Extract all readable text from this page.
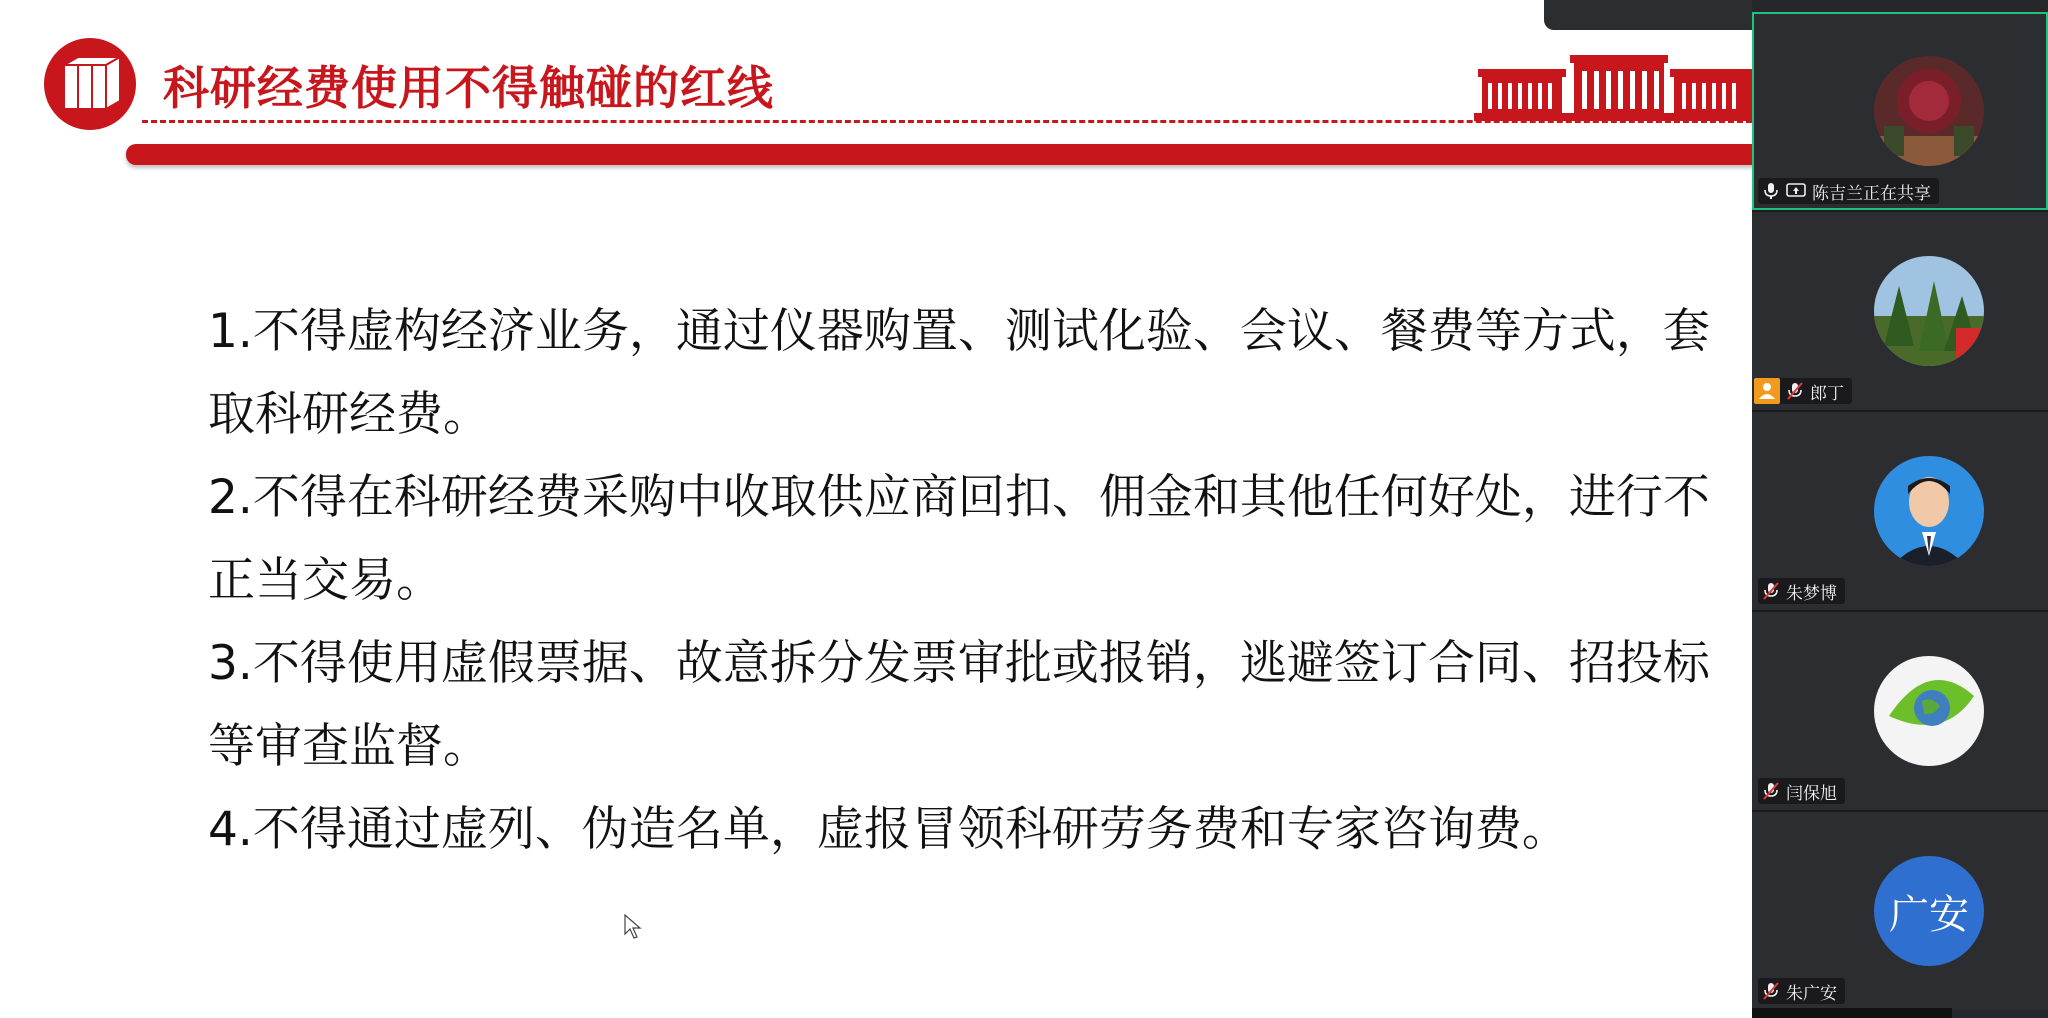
科研经费使用不得触碰的红线

1.不得虚构经济业务，通过仪器购置、测试化验、会议、餐费等方式，套

取科研经费。

2.不得在科研经费采购中收取供应商回扣、佣金和其他任何好处，进行不

正当交易。

3.不得使用虚假票据、故意拆分发票审批或报销，逃避签订合同、招投标

等审查监督。

4.不得通过虚列、伪造名单，虚报冒领科研劳务费和专家咨询费。

陈吉兰正在共享
郎丁
朱梦博
闫保旭
广安
朱广安
